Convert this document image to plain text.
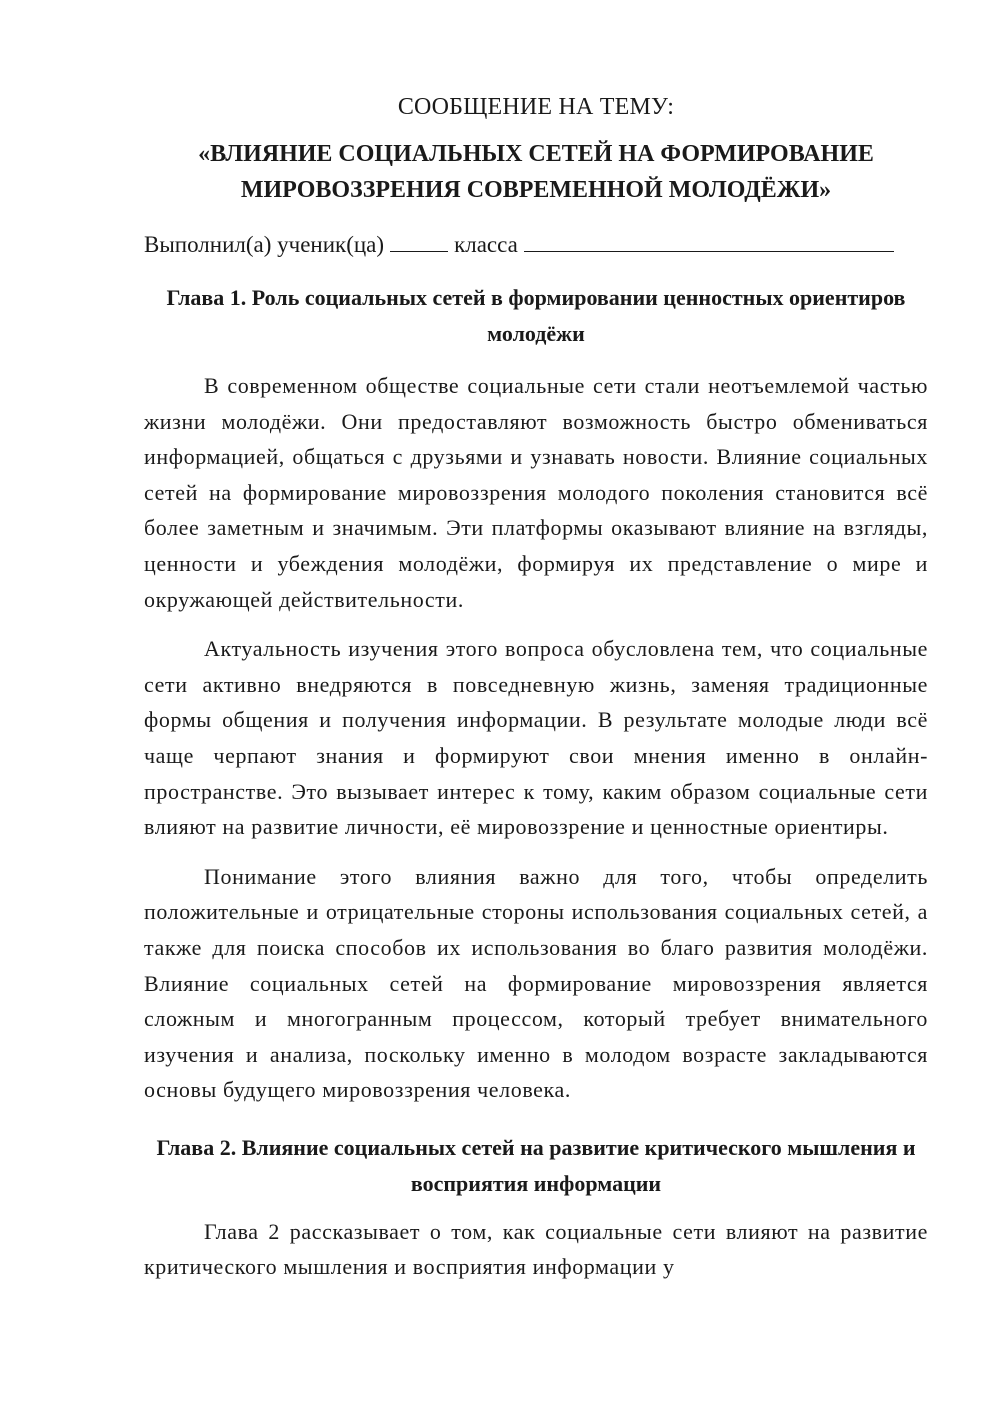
СООБЩЕНИЕ НА ТЕМУ:

«ВЛИЯНИЕ СОЦИАЛЬНЫХ СЕТЕЙ НА ФОРМИРОВАНИЕ
МИРОВОЗЗРЕНИЯ СОВРЕМЕННОЙ МОЛОДЁЖИ»
Выполнил(а) ученик(ца)	класса

Глава 1. Роль социальных сетей в формировании ценностных ориентиров молодёжи

В современном обществе социальные сети стали неотъемлемой частью жизни молодёжи. Они предоставляют возможность быстро обмениваться информацией, общаться с друзьями и узнавать новости. Влияние социальных сетей на формирование мировоззрения молодого поколения становится всё более заметным и значимым. Эти платформы оказывают влияние на взгляды, ценности и убеждения молодёжи, формируя их представление о мире и окружающей действительности.

Актуальность изучения этого вопроса обусловлена тем, что социальные сети активно внедряются в повседневную жизнь, заменяя традиционные формы общения и получения информации. В результате молодые люди всё чаще черпают знания и формируют свои мнения именно в онлайн-пространстве. Это вызывает интерес к тому, каким образом социальные сети влияют на развитие личности, её мировоззрение и ценностные ориентиры.

Понимание этого влияния важно для того, чтобы определить положительные и отрицательные стороны использования социальных сетей, а также для поиска способов их использования во благо развития молодёжи. Влияние социальных сетей на формирование мировоззрения является сложным и многогранным процессом, который требует внимательного изучения и анализа, поскольку именно в молодом возрасте закладываются основы будущего мировоззрения человека.

Глава 2. Влияние социальных сетей на развитие критического мышления и восприятия информации

Глава 2 рассказывает о том, как социальные сети влияют на развитие критического мышления и восприятия информации у
